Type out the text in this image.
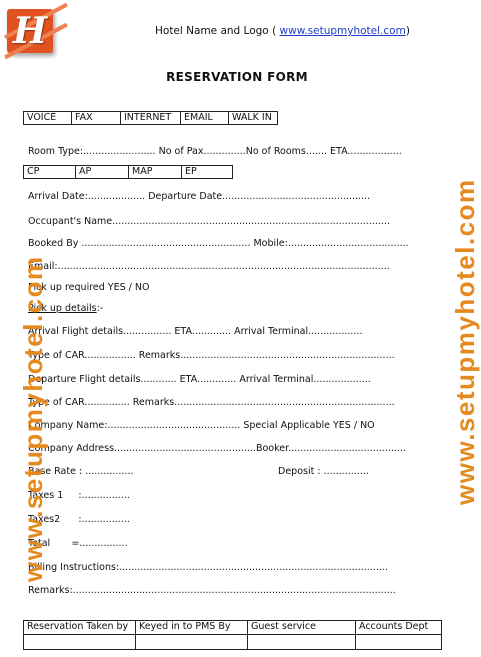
H	Hotel Name and Logo ( www.setupmyhotel.com)
RESERVATION FORM
VOICE	FAX	INTERNET	EMAIL	WALK IN
Room Type:........................ No of Pax..............No of Rooms....... ETA..................
CP	AP	MAP	EP
Arrival Date:................... Departure Date.................................................
Occupant's Name............................................................................................
Booked By ........................................................ Mobile:........................................
Email:..............................................................................................................
Pick up required YES / NO
Pick up details:-
Arrival Flight details................ ETA............. Arrival Terminal..................
Type of CAR................. Remarks.......................................................................
Departure Flight details............ ETA............. Arrival Terminal...................
Type of CAR............... Remarks.........................................................................
Company Name:............................................ Special Applicable YES / NO
Company Address...............................................Booker.......................................
Base Rate : ................	Deposit : ...............
Taxes 1     :................
Taxes2      :................
Total       =................
Billing Instructions:.........................................................................................
Remarks:...........................................................................................................
Reservation Taken by	Keyed in to PMS By	Guest service	Accounts Dept

www.setupmyhotel.com	www.setupmyhotel.com
